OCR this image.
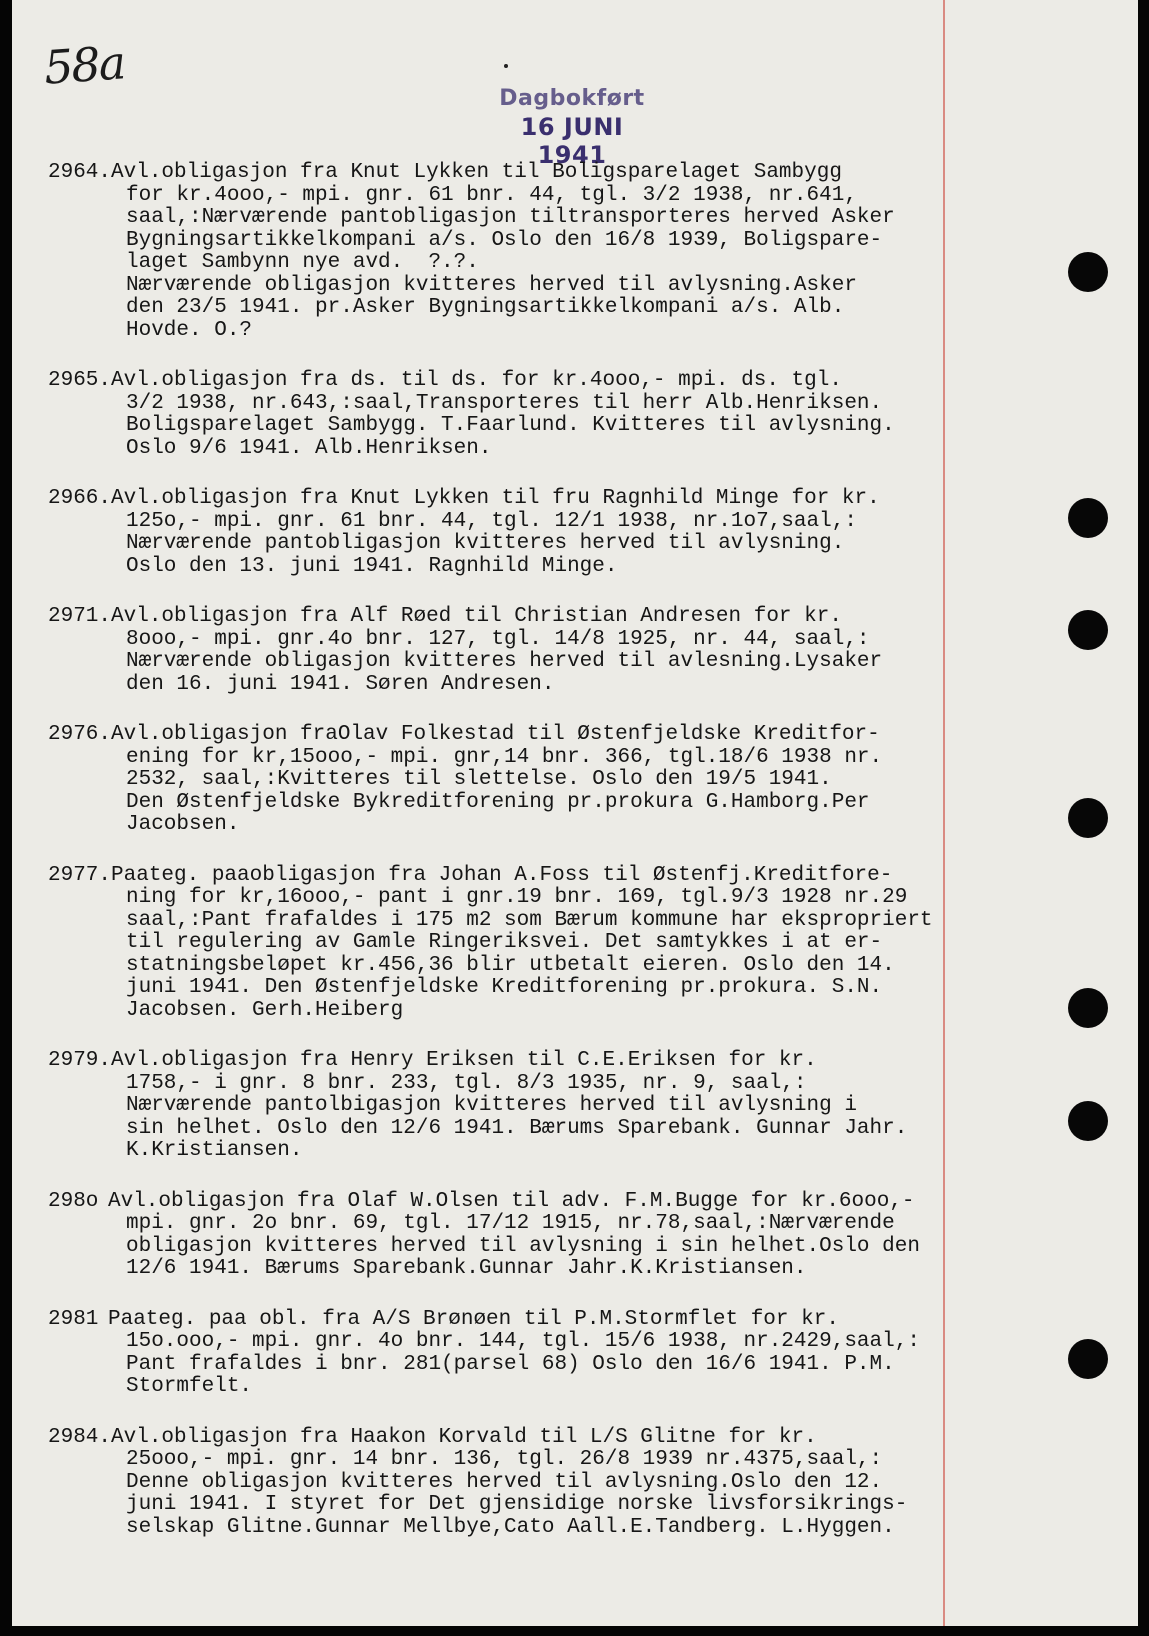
58a
Dagbokført
16 JUNI 1941
2964.Avl.obligasjon fra Knut Lykken til Boligsparelaget Sambygg
for kr.4ooo,- mpi. gnr. 61 bnr. 44, tgl. 3/2 1938, nr.641,
saal,:Nærværende pantobligasjon tiltransporteres herved Asker
Bygningsartikkelkompani a/s. Oslo den 16/8 1939, Boligspare-
laget Sambynn nye avd.  ?.?.
Nærværende obligasjon kvitteres herved til avlysning.Asker
den 23/5 1941. pr.Asker Bygningsartikkelkompani a/s. Alb.
Hovde. O.?
2965.Avl.obligasjon fra ds. til ds. for kr.4ooo,- mpi. ds. tgl.
3/2 1938, nr.643,:saal,Transporteres til herr Alb.Henriksen.
Boligsparelaget Sambygg. T.Faarlund. Kvitteres til avlysning.
Oslo 9/6 1941. Alb.Henriksen.
2966.Avl.obligasjon fra Knut Lykken til fru Ragnhild Minge for kr.
125o,- mpi. gnr. 61 bnr. 44, tgl. 12/1 1938, nr.1o7,saal,:
Nærværende pantobligasjon kvitteres herved til avlysning.
Oslo den 13. juni 1941. Ragnhild Minge.
2971.Avl.obligasjon fra Alf Røed til Christian Andresen for kr.
8ooo,- mpi. gnr.4o bnr. 127, tgl. 14/8 1925, nr. 44, saal,:
Nærværende obligasjon kvitteres herved til avlesning.Lysaker
den 16. juni 1941. Søren Andresen.
2976.Avl.obligasjon fraOlav Folkestad til Østenfjeldske Kreditfor-
ening for kr,15ooo,- mpi. gnr,14 bnr. 366, tgl.18/6 1938 nr.
2532, saal,:Kvitteres til slettelse. Oslo den 19/5 1941.
Den Østenfjeldske Bykreditforening pr.prokura G.Hamborg.Per
Jacobsen.
2977.Paateg. paaobligasjon fra Johan A.Foss til Østenfj.Kreditfore-
ning for kr,16ooo,- pant i gnr.19 bnr. 169, tgl.9/3 1928 nr.29
saal,:Pant frafaldes i 175 m2 som Bærum kommune har ekspropriert
til regulering av Gamle Ringeriksvei. Det samtykkes i at er-
statningsbeløpet kr.456,36 blir utbetalt eieren. Oslo den 14.
juni 1941. Den Østenfjeldske Kreditforening pr.prokura. S.N.
Jacobsen. Gerh.Heiberg
2979.Avl.obligasjon fra Henry Eriksen til C.E.Eriksen for kr.
1758,- i gnr. 8 bnr. 233, tgl. 8/3 1935, nr. 9, saal,:
Nærværende pantolbigasjon kvitteres herved til avlysning i
sin helhet. Oslo den 12/6 1941. Bærums Sparebank. Gunnar Jahr.
K.Kristiansen.
298o Avl.obligasjon fra Olaf W.Olsen til adv. F.M.Bugge for kr.6ooo,-
mpi. gnr. 2o bnr. 69, tgl. 17/12 1915, nr.78,saal,:Nærværende
obligasjon kvitteres herved til avlysning i sin helhet.Oslo den
12/6 1941. Bærums Sparebank.Gunnar Jahr.K.Kristiansen.
2981 Paateg. paa obl. fra A/S Brønøen til P.M.Stormflet for kr.
15o.ooo,- mpi. gnr. 4o bnr. 144, tgl. 15/6 1938, nr.2429,saal,:
Pant frafaldes i bnr. 281(parsel 68) Oslo den 16/6 1941. P.M.
Stormfelt.
2984.Avl.obligasjon fra Haakon Korvald til L/S Glitne for kr.
25ooo,- mpi. gnr. 14 bnr. 136, tgl. 26/8 1939 nr.4375,saal,:
Denne obligasjon kvitteres herved til avlysning.Oslo den 12.
juni 1941. I styret for Det gjensidige norske livsforsikrings-
selskap Glitne.Gunnar Mellbye,Cato Aall.E.Tandberg. L.Hyggen.
